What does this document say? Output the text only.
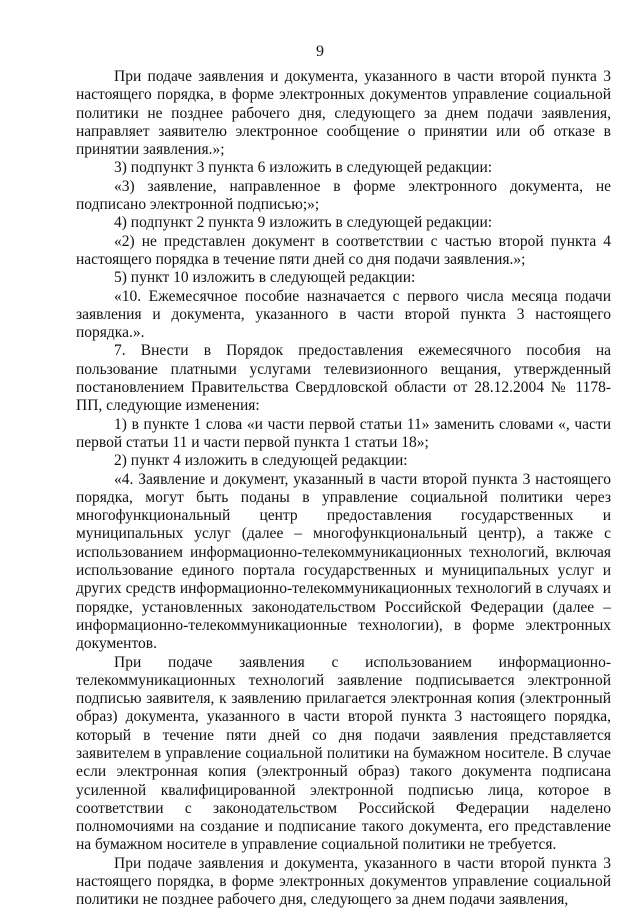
9

При подаче заявления и документа, указанного в части второй пункта 3 настоящего порядка, в форме электронных документов управление социальной политики не позднее рабочего дня, следующего за днем подачи заявления, направляет заявителю электронное сообщение о принятии или об отказе в принятии заявления.»;

3) подпункт 3 пункта 6 изложить в следующей редакции:

«3) заявление, направленное в форме электронного документа, не подписано электронной подписью;»;

4) подпункт 2 пункта 9 изложить в следующей редакции:

«2) не представлен документ в соответствии с частью второй пункта 4 настоящего порядка в течение пяти дней со дня подачи заявления.»;

5) пункт 10 изложить в следующей редакции:

«10. Ежемесячное пособие назначается с первого числа месяца подачи заявления и документа, указанного в части второй пункта 3 настоящего порядка.».

7. Внести в Порядок предоставления ежемесячного пособия на пользование платными услугами телевизионного вещания, утвержденный постановлением Правительства Свердловской области от 28.12.2004 № 1178-ПП, следующие изменения:

1) в пункте 1 слова «и части первой статьи 11» заменить словами «, части первой статьи 11 и части первой пункта 1 статьи 18»;

2) пункт 4 изложить в следующей редакции:

«4. Заявление и документ, указанный в части второй пункта 3 настоящего порядка, могут быть поданы в управление социальной политики через многофункциональный центр предоставления государственных и муниципальных услуг (далее – многофункциональный центр), а также с использованием информационно-телекоммуникационных технологий, включая использование единого портала государственных и муниципальных услуг и других средств информационно-телекоммуникационных технологий в случаях и порядке, установленных законодательством Российской Федерации (далее – информационно-телекоммуникационные технологии), в форме электронных документов.

При подаче заявления с использованием информационно-телекоммуникационных технологий заявление подписывается электронной подписью заявителя, к заявлению прилагается электронная копия (электронный образ) документа, указанного в части второй пункта 3 настоящего порядка, который в течение пяти дней со дня подачи заявления представляется заявителем в управление социальной политики на бумажном носителе. В случае если электронная копия (электронный образ) такого документа подписана усиленной квалифицированной электронной подписью лица, которое в соответствии с законодательством Российской Федерации наделено полномочиями на создание и подписание такого документа, его представление на бумажном носителе в управление социальной политики не требуется.

При подаче заявления и документа, указанного в части второй пункта 3 настоящего порядка, в форме электронных документов управление социальной политики не позднее рабочего дня, следующего за днем подачи заявления,
